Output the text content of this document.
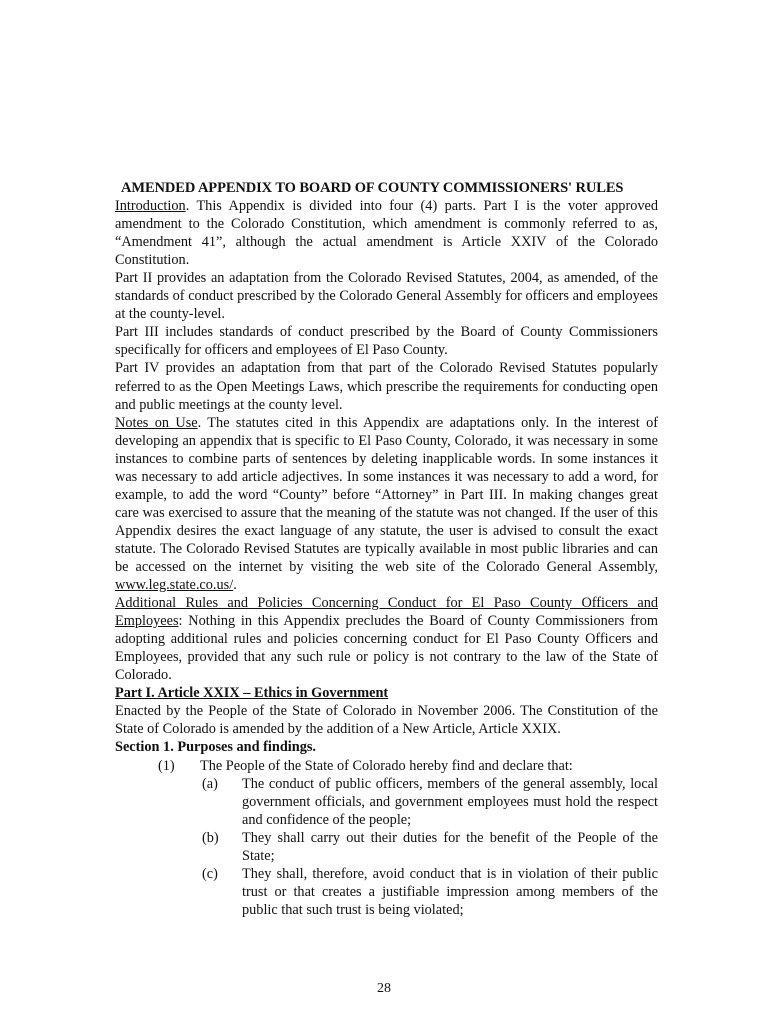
AMENDED APPENDIX TO BOARD OF COUNTY COMMISSIONERS' RULES

Introduction. This Appendix is divided into four (4) parts. Part I is the voter approved amendment to the Colorado Constitution, which amendment is commonly referred to as, “Amendment 41”, although the actual amendment is Article XXIV of the Colorado Constitution.

Part II provides an adaptation from the Colorado Revised Statutes, 2004, as amended, of the standards of conduct prescribed by the Colorado General Assembly for officers and employees at the county-level.

Part III includes standards of conduct prescribed by the Board of County Commissioners specifically for officers and employees of El Paso County.

Part IV provides an adaptation from that part of the Colorado Revised Statutes popularly referred to as the Open Meetings Laws, which prescribe the requirements for conducting open and public meetings at the county level.

Notes on Use. The statutes cited in this Appendix are adaptations only. In the interest of developing an appendix that is specific to El Paso County, Colorado, it was necessary in some instances to combine parts of sentences by deleting inapplicable words. In some instances it was necessary to add article adjectives. In some instances it was necessary to add a word, for example, to add the word “County” before “Attorney” in Part III. In making changes great care was exercised to assure that the meaning of the statute was not changed. If the user of this Appendix desires the exact language of any statute, the user is advised to consult the exact statute. The Colorado Revised Statutes are typically available in most public libraries and can be accessed on the internet by visiting the web site of the Colorado General Assembly, www.leg.state.co.us/.

Additional Rules and Policies Concerning Conduct for El Paso County Officers and Employees: Nothing in this Appendix precludes the Board of County Commissioners from adopting additional rules and policies concerning conduct for El Paso County Officers and Employees, provided that any such rule or policy is not contrary to the law of the State of Colorado.

Part I. Article XXIX – Ethics in Government

Enacted by the People of the State of Colorado in November 2006. The Constitution of the State of Colorado is amended by the addition of a New Article, Article XXIX.

Section 1. Purposes and findings.

(1)	The People of the State of Colorado hereby find and declare that:
(a)	The conduct of public officers, members of the general assembly, local government officials, and government employees must hold the respect and confidence of the people;
(b)	They shall carry out their duties for the benefit of the People of the State;
(c)	They shall, therefore, avoid conduct that is in violation of their public trust or that creates a justifiable impression among members of the public that such trust is being violated;
28
